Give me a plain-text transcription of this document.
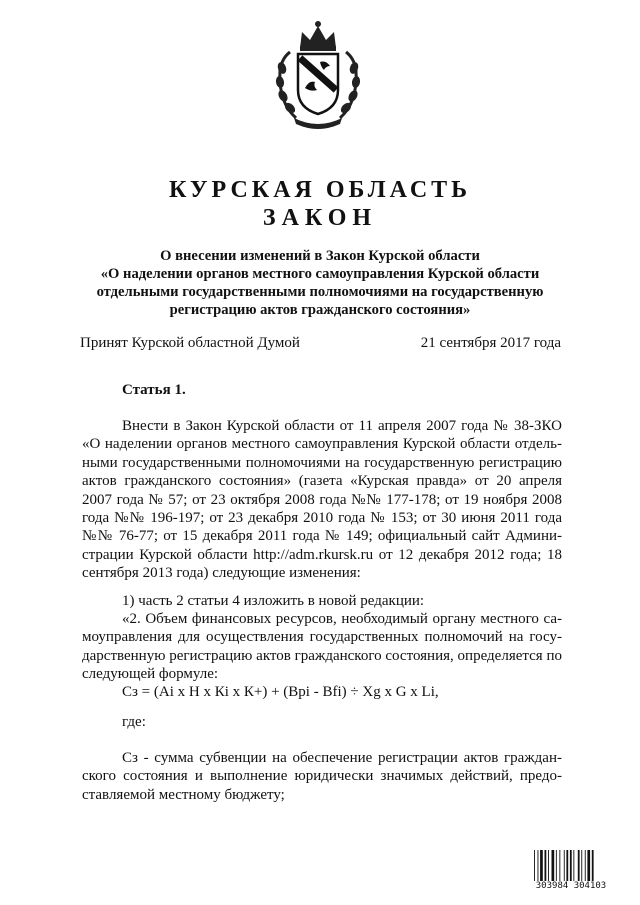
КУРСКАЯ ОБЛАСТЬ
ЗАКОН
О внесении изменений в Закон Курской области
«О наделении органов местного самоуправления Курской области
отдельными государственными полномочиями на государственную
регистрацию актов гражданского состояния»
Принят Курской областной Думой	21 сентября 2017 года
Статья 1.
Внести в Закон Курской области от 11 апреля 2007 года № 38-ЗКО
«О наделении органов местного самоуправления Курской области отдель-
ными государственными полномочиями на государственную регистрацию
актов гражданского состояния» (газета «Курская правда» от 20 апреля
2007 года № 57; от 23 октября 2008 года №№ 177-178; от 19 ноября 2008
года №№ 196-197; от 23 декабря 2010 года № 153; от 30 июня 2011 года
№№ 76-77; от 15 декабря 2011 года № 149; официальный сайт Админи-
страции Курской области http://adm.rkursk.ru от 12 декабря 2012 года; 18
сентября 2013 года) следующие изменения:
1) часть 2 статьи 4 изложить в новой редакции:
«2. Объем финансовых ресурсов, необходимый органу местного са-
моуправления для осуществления государственных полномочий на госу-
дарственную регистрацию актов гражданского состояния, определяется по
следующей формуле:
Сз = (Аі х Н х Кі х К+) + (Вpi - Вfi) ÷ Xg х G х Li,
где:
Сз - сумма субвенции на обеспечение регистрации актов граждан-
ского состояния и выполнение юридически значимых действий, предо-
ставляемой местному бюджету;
303984 304103
